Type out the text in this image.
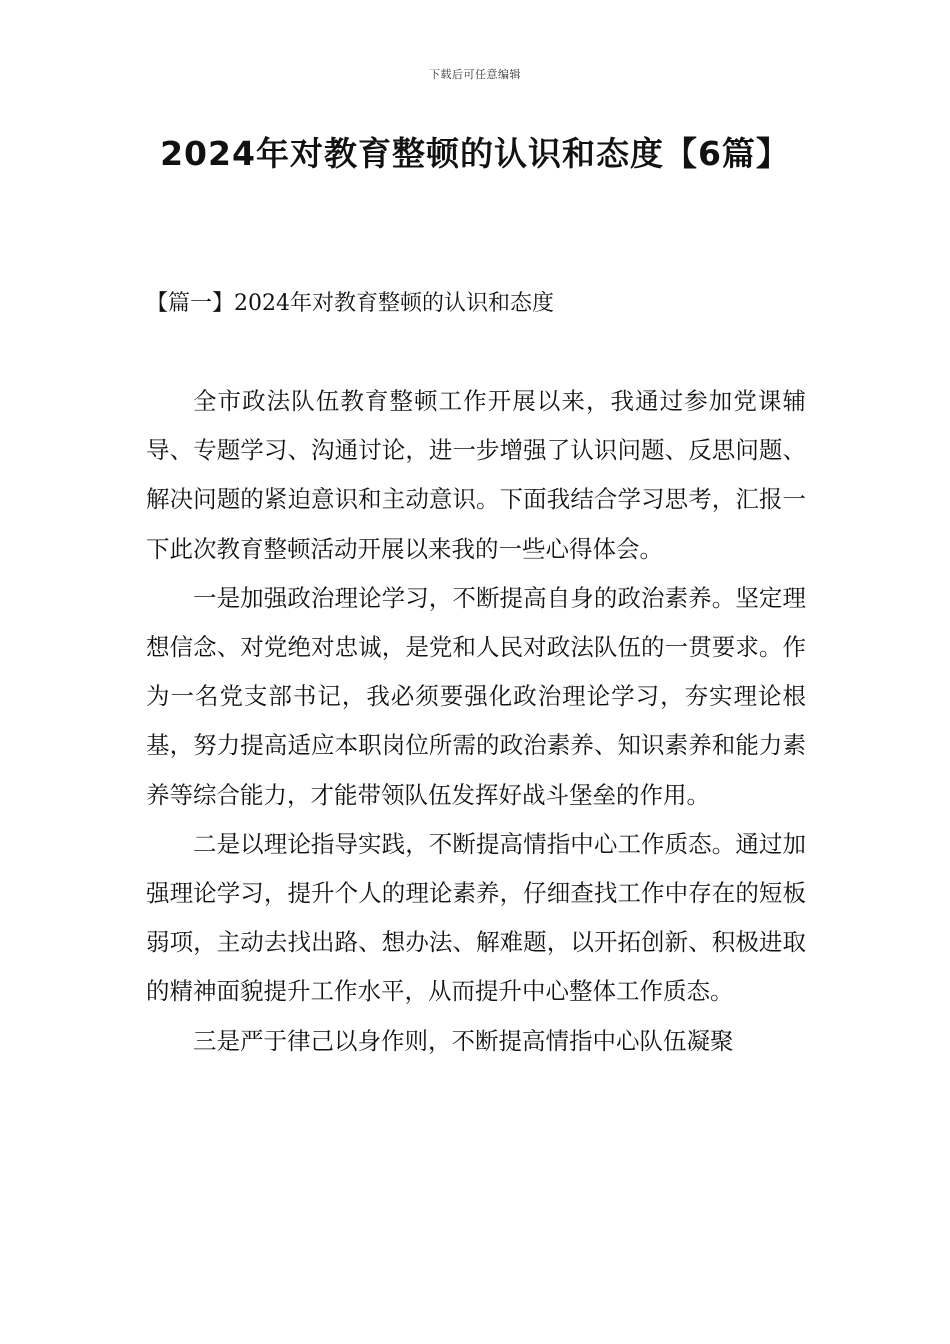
下载后可任意编辑
2024年对教育整顿的认识和态度【6篇】
【篇一】2024年对教育整顿的认识和态度

全市政法队伍教育整顿工作开展以来，我通过参加党课辅导、专题学习、沟通讨论，进一步增强了认识问题、反思问题、解决问题的紧迫意识和主动意识。下面我结合学习思考，汇报一下此次教育整顿活动开展以来我的一些心得体会。

一是加强政治理论学习，不断提高自身的政治素养。坚定理想信念、对党绝对忠诚，是党和人民对政法队伍的一贯要求。作为一名党支部书记，我必须要强化政治理论学习，夯实理论根基，努力提高适应本职岗位所需的政治素养、知识素养和能力素养等综合能力，才能带领队伍发挥好战斗堡垒的作用。

二是以理论指导实践，不断提高情指中心工作质态。通过加强理论学习，提升个人的理论素养，仔细查找工作中存在的短板弱项，主动去找出路、想办法、解难题，以开拓创新、积极进取的精神面貌提升工作水平，从而提升中心整体工作质态。

三是严于律己以身作则，不断提高情指中心队伍凝聚
